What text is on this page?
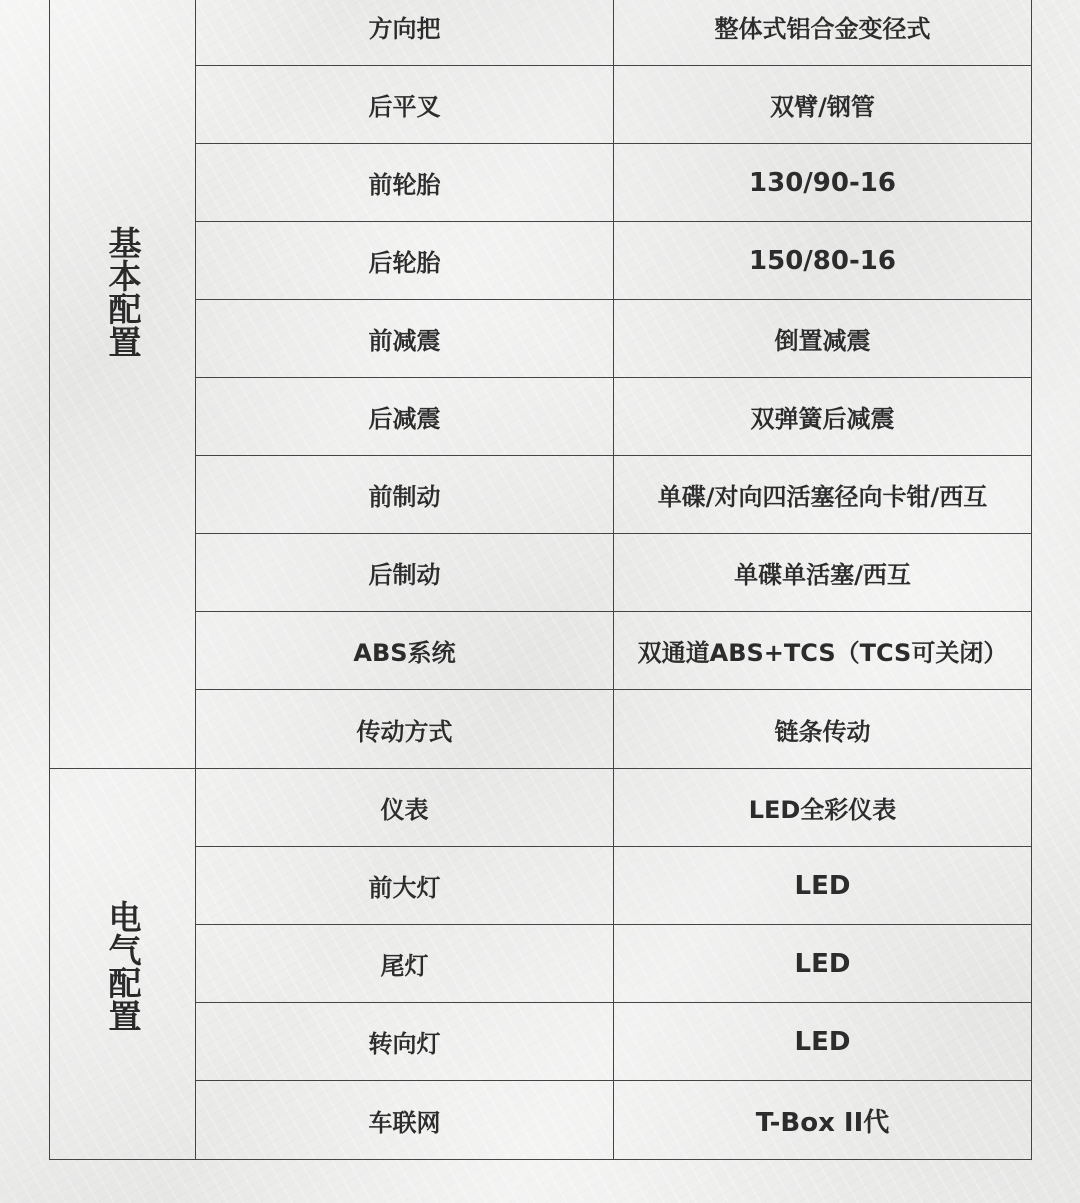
基本配置
方向把	整体式铝合金变径式
后平叉	双臂/钢管
前轮胎	130/90-16
后轮胎	150/80-16
前减震	倒置减震
后减震	双弹簧后减震
前制动	单碟/对向四活塞径向卡钳/西互
后制动	单碟单活塞/西互
ABS系统	双通道ABS+TCS（TCS可关闭）
传动方式	链条传动
电气配置
仪表	LED全彩仪表
前大灯	LED
尾灯	LED
转向灯	LED
车联网	T-Box II代
